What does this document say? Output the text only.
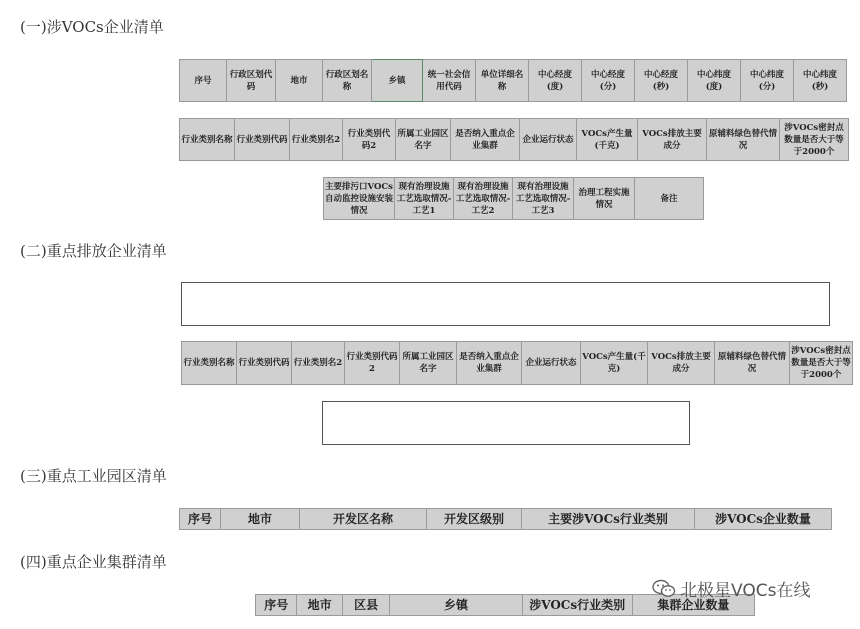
(一)涉VOCs企业清单
序号	行政区划代码	地市	行政区划名称	乡镇	统一社会信用代码	单位详细名称	中心经度(度)	中心经度(分)	中心经度(秒)	中心纬度(度)	中心纬度(分)	中心纬度(秒)
行业类别名称	行业类别代码	行业类别名2	行业类别代码2	所属工业园区名字	是否纳入重点企业集群	企业运行状态	VOCs产生量(千克)	VOCs排放主要成分	原辅料绿色替代情况	涉VOCs密封点数量是否大于等于2000个
主要排污口VOCs自动监控设施安装情况	现有治理设施工艺选取情况-工艺1	现有治理设施工艺选取情况-工艺2	现有治理设施工艺选取情况-工艺3	治理工程实施情况	备注
(二)重点排放企业清单
行业类别名称	行业类别代码	行业类别名2	行业类别代码2	所属工业园区名字	是否纳入重点企业集群	企业运行状态	VOCs产生量(千克)	VOCs排放主要成分	原辅料绿色替代情况	涉VOCs密封点数量是否大于等于2000个
(三)重点工业园区清单
序号	地市	开发区名称	开发区级别	主要涉VOCs行业类别	涉VOCs企业数量
(四)重点企业集群清单
序号	地市	区县	乡镇	涉VOCs行业类别	集群企业数量
北极星VOCs在线
